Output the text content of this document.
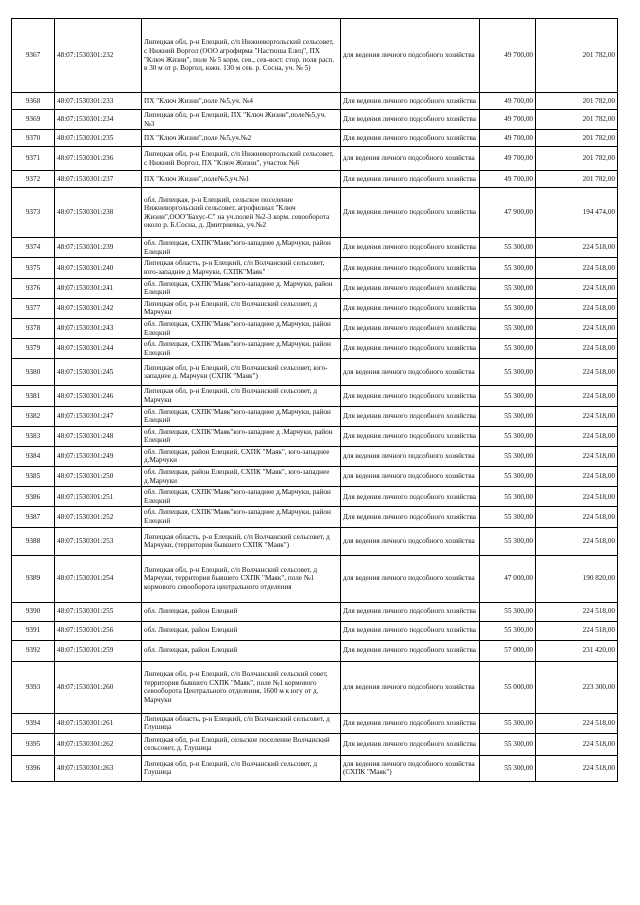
9367	48:07:1530301:232	Липецкая обл, р-н Елецкий, с/п Нижневоргольский сельсовет, с Нижний Воргол (ООО агрофирма "Настюша Елец", ПХ "Ключ Жизни", поле № 5 корм. сев., сев-вост. стор. поля расп. в 30 м от р. Воргол, южн. 130 м сев. р. Сосна, уч. № 5)	для ведения личного подсобного хозяйства	49 700,00	201 782,00
9368	48:07:1530301:233	ПХ "Ключ Жизни",поле №5,уч. №4	Для ведения личного подсобного хозяйства	49 700,00	201 782,00
9369	48:07:1530301:234	Липецкая обл, р-н Елецкий, ПХ "Ключ Жизни",поле№5,уч. №3	Для ведения личного подсобного хозяйства	49 700,00	201 782,00
9370	48:07:1530301:235	ПХ "Ключ Жизни",поле №5,уч.№2	Для ведения личного подсобного хозяйства	49 700,00	201 782,00
9371	48:07:1530301:236	Липецкая обл, р-н Елецкий, с/п Нижневоргольский сельсовет, с Нижний Воргол, ПХ "Ключ Жизни", участок №6	для ведения личного подсобного хозяйства	49 700,00	201 782,00
9372	48:07:1530301:237	ПХ "Ключ Жизни",поле№5,уч.№1	Для ведения личного подсобного хозяйства	49 700,00	201 782,00
9373	48:07:1530301:238	обл. Липецкая, р-н Елецкий, сельское поселение Нижневоргольский сельсовет, агрофилиал "Ключ Жизни",ООО"Бахус-С" на уч.полей №2-3 корм. севооборота около р. Б.Сосна, д. Дмитриевка, уч.№2	Для ведения личного подсобного хозяйства	47 900,00	194 474,00
9374	48:07:1530301:239	обл. Липецкая, СХПК"Маяк"юго-западнее д.Марчуки, район Елецкий	Для ведения личного подсобного хозяйства	55 300,00	224 518,00
9375	48:07:1530301:240	Липецкая область, р-н Елецкий, с/п Волчанский сельсовет, юго-западнее д Марчуки, СХПК"Маяк"	Для ведения личного подсобного хозяйства	55 300,00	224 518,00
9376	48:07:1530301:241	обл. Липецкая, СХПК"Маяк"юго-западнее д. Марчуки, район Елецкий	Для ведения личного подсобного хозяйства	55 300,00	224 518,00
9377	48:07:1530301:242	Липецкая обл, р-н Елецкий, с/п Волчанский сельсовет, д Марчуки	Для ведения личного подсобного хозяйства	55 300,00	224 518,00
9378	48:07:1530301:243	обл. Липецкая, СХПК"Маяк"юго-западнее д.Марчуки, район Елецкий	Для ведения личного подсобного хозяйства	55 300,00	224 518,00
9379	48:07:1530301:244	обл. Липецкая, СХПК"Маяк"юго-западнее д.Марчуки, район Елецкий	Для ведения личного подсобного хозяйства	55 300,00	224 518,00
9380	48:07:1530301:245	Липецкая обл, р-н Елецкий, с/п Волчанский сельсовет, юго-западнее д. Марчуки (СХПК "Маяк")	для ведения личного подсобного хозяйства	55 300,00	224 518,00
9381	48:07:1530301:246	Липецкая обл, р-н Елецкий, с/п Волчанский сельсовет, д Марчуки	Для ведения личного подсобного хозяйства	55 300,00	224 518,00
9382	48:07:1530301:247	обл. Липецкая, СХПК"Маяк"юго-западнее д.Марчуки, район Елецкий	Для ведения личного подсобного хозяйства	55 300,00	224 518,00
9383	48:07:1530301:248	обл. Липецкая, СХПК"Маяк"юго-западнее д .Марчуки, район Елецкий	Для ведения личного подсобного хозяйства	55 300,00	224 518,00
9384	48:07:1530301:249	обл. Липецкая, район Елецкий, СХПК "Маяк", юго-западнее д.Марчуки	для ведения личного подсобного хозяйства	55 300,00	224 518,00
9385	48:07:1530301:250	обл. Липецкая, район Елецкий, СХПК "Маяк", юго-западнее д.Марчуки	для ведения личного подсобного хозяйства	55 300,00	224 518,00
9386	48:07:1530301:251	обл. Липецкая, СХПК"Маяк"юго-западнее д.Марчуки, район Елецкий	Для ведения личного подсобного хозяйства	55 300,00	224 518,00
9387	48:07:1530301:252	обл. Липецкая, СХПК"Маяк"юго-западнее д.Марчуки, район Елецкий	Для ведения личного подсобного хозяйства	55 300,00	224 518,00
9388	48:07:1530301:253	Липецкая область, р-н Елецкий, с/п Волчанский сельсовет, д Марчуки, (территория бывшего СХПК "Маяк")	для ведения личного подсобного хозяйства	55 300,00	224 518,00
9389	48:07:1530301:254	Липецкая обл, р-н Елецкий, с/п Волчанский сельсовет, д Марчуки, территория бывшего СХПК "Маяк", поле №1 кормового севооборота центрального отделения	для ведения личного подсобного хозяйства	47 000,00	190 820,00
9390	48:07:1530301:255	обл. Липецкая, район Елецкий	Для ведения личного подсобного хозяйства	55 300,00	224 518,00
9391	48:07:1530301:256	обл. Липецкая, район Елецкий	Для ведения личного подсобного хозяйства	55 300,00	224 518,00
9392	48:07:1530301:259	обл. Липецкая, район Елецкий	Для ведения личного подсобного хозяйства	57 000,00	231 420,00
9393	48:07:1530301:260	Липецкая обл, р-н Елецкий, с/п Волчанский сельский совет, территория бывшего СХПК "Маяк", поле №1 кормового севооборота Центрального отделения, 1600 м к югу от д. Марчуки	для ведения личного подсобного хозяйства	55 000,00	223 300,00
9394	48:07:1530301:261	Липецкая область, р-н Елецкий, с/п Волчанский сельсовет, д Глушица	Для ведения личного подсобного хозяйства	55 300,00	224 518,00
9395	48:07:1530301:262	Липецкая обл, р-н Елецкий, сельское поселение Волчанский сельсовет, д. Глушица	Для ведения личного подсобного хозяйства	55 300,00	224 518,00
9396	48:07:1530301:263	Липецкая обл, р-н Елецкий, с/п Волчанский сельсовет, д Глушица	для ведения личного подсобного хозяйства (СХПК "Маяк")	55 300,00	224 518,00
